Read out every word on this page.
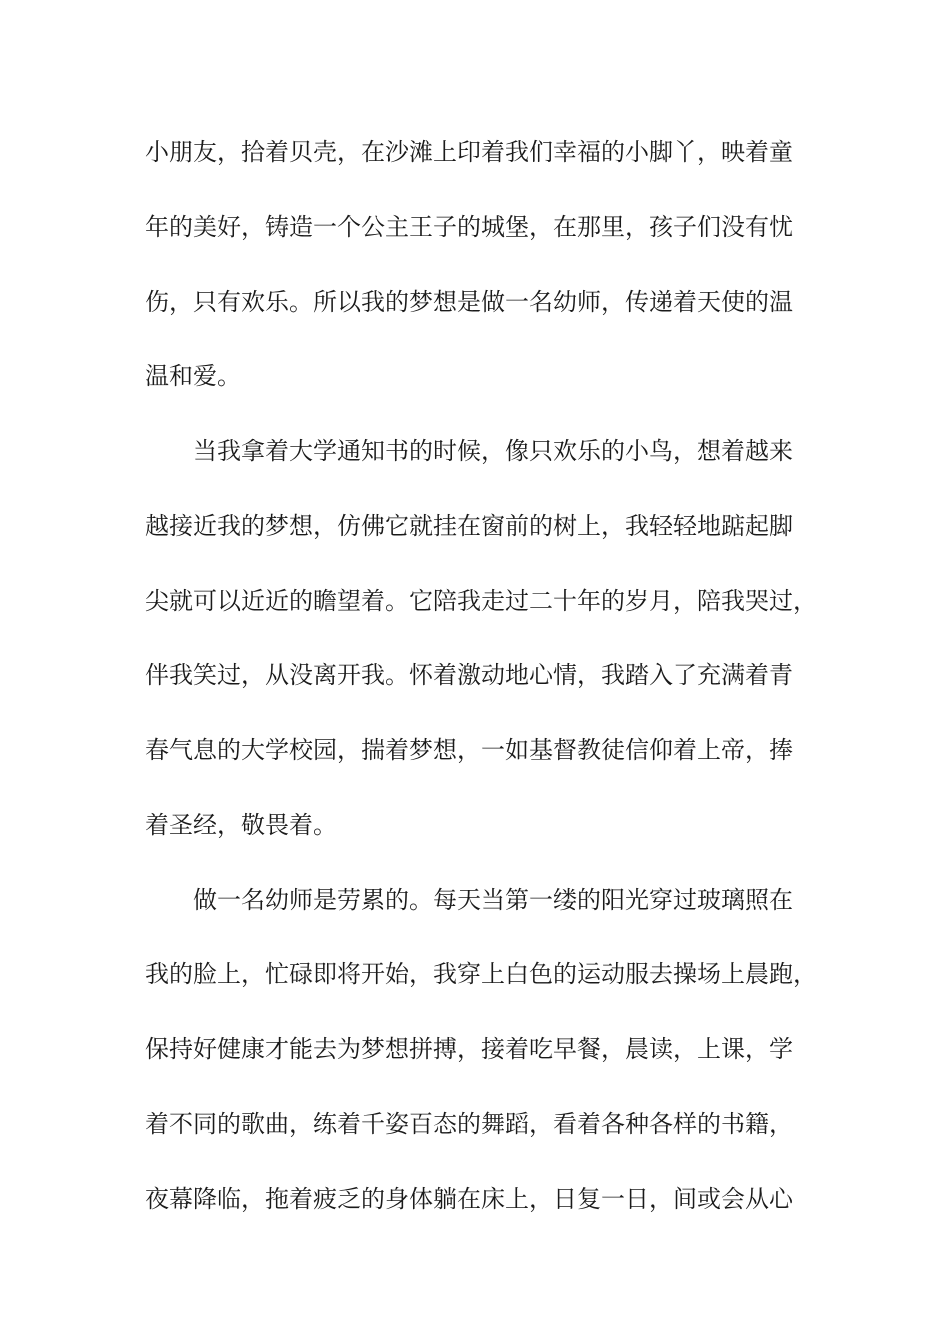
小朋友，拾着贝壳，在沙滩上印着我们幸福的小脚丫，映着童
年的美好，铸造一个公主王子的城堡，在那里，孩子们没有忧
伤，只有欢乐。所以我的梦想是做一名幼师，传递着天使的温
温和爱。
当我拿着大学通知书的时候，像只欢乐的小鸟，想着越来
越接近我的梦想，仿佛它就挂在窗前的树上，我轻轻地踮起脚
尖就可以近近的瞻望着。它陪我走过二十年的岁月，陪我哭过，
伴我笑过，从没离开我。怀着激动地心情，我踏入了充满着青
春气息的大学校园，揣着梦想，一如基督教徒信仰着上帝，捧
着圣经，敬畏着。
做一名幼师是劳累的。每天当第一缕的阳光穿过玻璃照在
我的脸上，忙碌即将开始，我穿上白色的运动服去操场上晨跑，
保持好健康才能去为梦想拼搏，接着吃早餐，晨读，上课，学
着不同的歌曲，练着千姿百态的舞蹈，看着各种各样的书籍，
夜幕降临，拖着疲乏的身体躺在床上，日复一日，间或会从心
